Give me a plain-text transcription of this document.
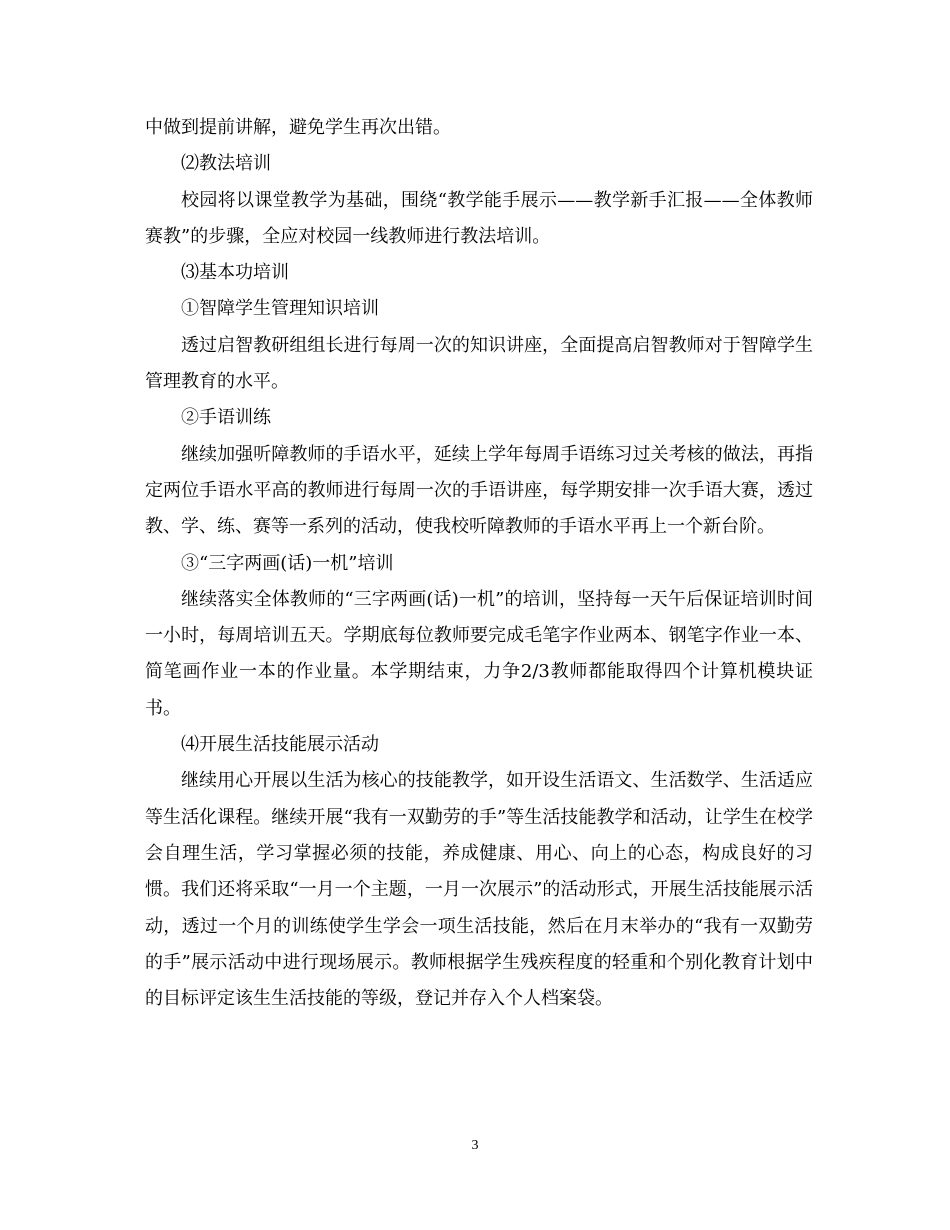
中做到提前讲解，避免学生再次出错。

⑵教法培训

校园将以课堂教学为基础，围绕“教学能手展示——教学新手汇报——全体教师赛教”的步骤，全应对校园一线教师进行教法培训。

⑶基本功培训

①智障学生管理知识培训

透过启智教研组组长进行每周一次的知识讲座，全面提高启智教师对于智障学生管理教育的水平。

②手语训练

继续加强听障教师的手语水平，延续上学年每周手语练习过关考核的做法，再指定两位手语水平高的教师进行每周一次的手语讲座，每学期安排一次手语大赛，透过教、学、练、赛等一系列的活动，使我校听障教师的手语水平再上一个新台阶。

③“三字两画(话)一机”培训

继续落实全体教师的“三字两画(话)一机”的培训，坚持每一天午后保证培训时间一小时，每周培训五天。学期底每位教师要完成毛笔字作业两本、钢笔字作业一本、简笔画作业一本的作业量。本学期结束，力争2/3教师都能取得四个计算机模块证书。

⑷开展生活技能展示活动

继续用心开展以生活为核心的技能教学，如开设生活语文、生活数学、生活适应等生活化课程。继续开展“我有一双勤劳的手”等生活技能教学和活动，让学生在校学会自理生活，学习掌握必须的技能，养成健康、用心、向上的心态，构成良好的习惯。我们还将采取“一月一个主题，一月一次展示”的活动形式，开展生活技能展示活动，透过一个月的训练使学生学会一项生活技能，然后在月末举办的“我有一双勤劳的手”展示活动中进行现场展示。教师根据学生残疾程度的轻重和个别化教育计划中的目标评定该生生活技能的等级，登记并存入个人档案袋。

3
